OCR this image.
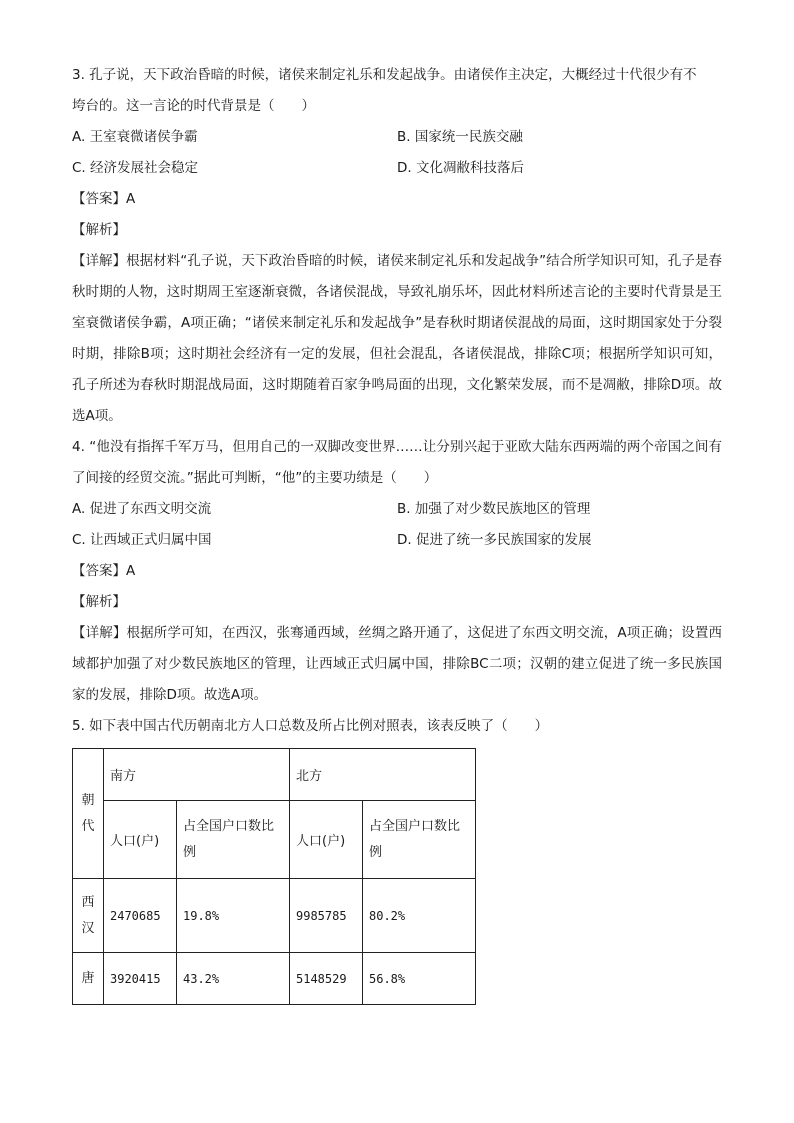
3. 孔子说，天下政治昏暗的时候，诸侯来制定礼乐和发起战争。由诸侯作主决定，大概经过十代很少有不
垮台的。这一言论的时代背景是（　　）
A. 王室衰微诸侯争霸	B. 国家统一民族交融
C. 经济发展社会稳定	D. 文化凋敝科技落后
【答案】A
【解析】
【详解】根据材料“孔子说，天下政治昏暗的时候，诸侯来制定礼乐和发起战争”结合所学知识可知，孔子是春秋时期的人物，这时期周王室逐渐衰微，各诸侯混战，导致礼崩乐坏，因此材料所述言论的主要时代背景是王室衰微诸侯争霸，A项正确；“诸侯来制定礼乐和发起战争”是春秋时期诸侯混战的局面，这时期国家处于分裂时期，排除B项；这时期社会经济有一定的发展，但社会混乱，各诸侯混战，排除C项；根据所学知识可知，孔子所述为春秋时期混战局面，这时期随着百家争鸣局面的出现，文化繁荣发展，而不是凋敝，排除D项。故选A项。
4. “他没有指挥千军万马，但用自己的一双脚改变世界……让分别兴起于亚欧大陆东西两端的两个帝国之间有了间接的经贸交流。”据此可判断，“他”的主要功绩是（　　）
A. 促进了东西文明交流	B. 加强了对少数民族地区的管理
C. 让西域正式归属中国	D. 促进了统一多民族国家的发展
【答案】A
【解析】
【详解】根据所学可知，在西汉，张骞通西域，丝绸之路开通了，这促进了东西文明交流，A项正确；设置西域都护加强了对少数民族地区的管理，让西域正式归属中国，排除BC二项；汉朝的建立促进了统一多民族国家的发展，排除D项。故选A项。
5. 如下表中国古代历朝南北方人口总数及所占比例对照表，该表反映了（　　）
朝代	南方		北方	
	人口(户)	占全国户口数比例	人口(户)	占全国户口数比例
西汉	2470685	19.8%	9985785	80.2%
唐	3920415	43.2%	5148529	56.8%
